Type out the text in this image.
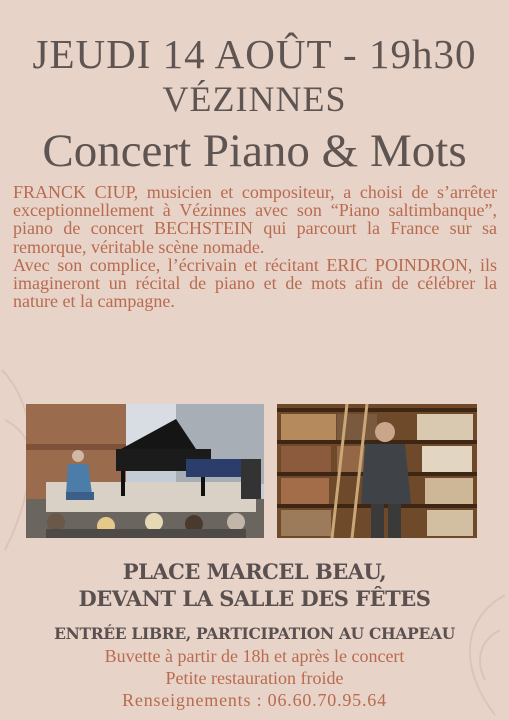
JEUDI 14 AOÛT - 19h30
VÉZINNES
Concert Piano & Mots

FRANCK CIUP, musicien et compositeur, a choisi de s’arrêter exceptionnellement à Vézinnes avec son “Piano saltimbanque”, piano de concert BECHSTEIN qui parcourt la France sur sa remorque, véritable scène nomade.

Avec son complice, l’écrivain et récitant ERIC POINDRON, ils imagineront un récital de piano et de mots afin de célébrer la nature et la campagne.

PLACE MARCEL BEAU,
DEVANT LA SALLE DES FÊTES
ENTRÉE LIBRE, PARTICIPATION AU CHAPEAU
Buvette à partir de 18h et après le concert
Petite restauration froide
Renseignements : 06.60.70.95.64
